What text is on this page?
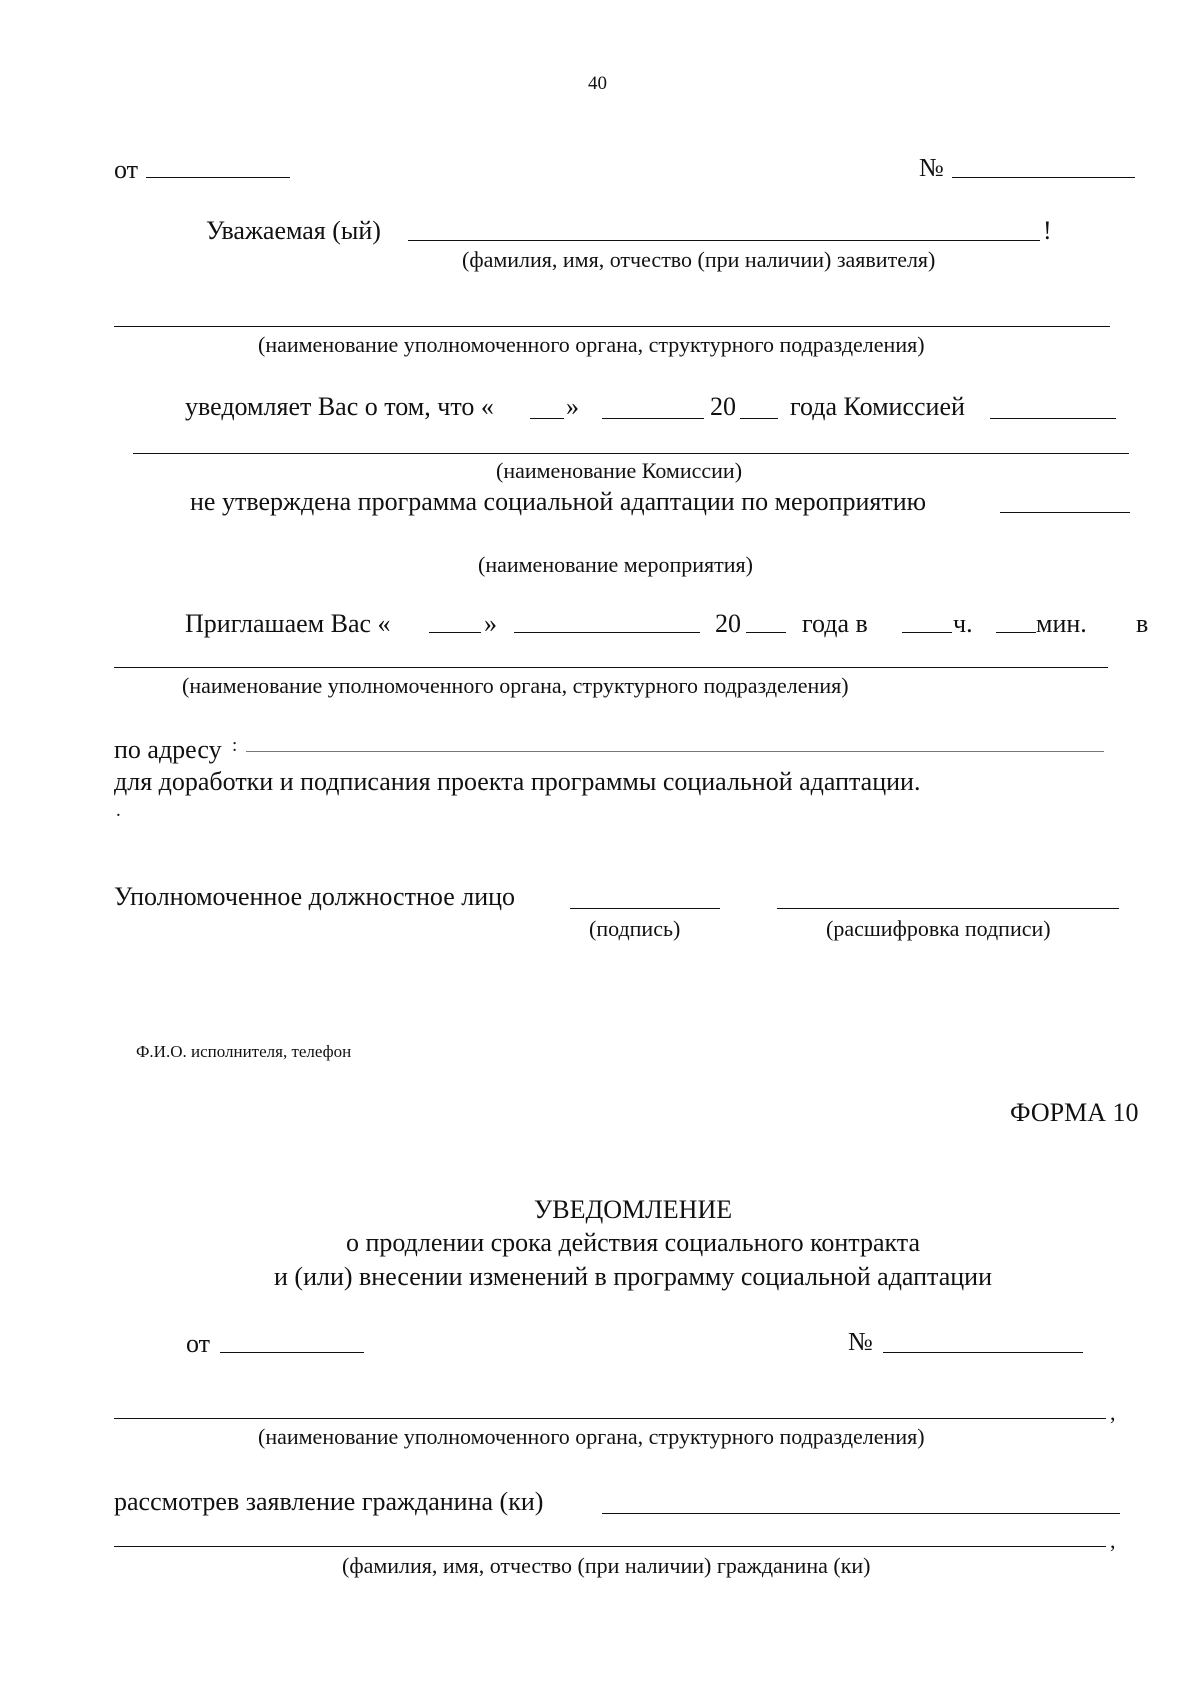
40
от	№
Уважаемая (ый)	!
(фамилия, имя, отчество (при наличии) заявителя)
(наименование уполномоченного органа, структурного подразделения)
уведомляет Вас о том, что «	»	20 года Комиссией
(наименование Комиссии)
не утверждена программа социальной адаптации по мероприятию
(наименование мероприятия)
Приглашаем Вас «	»	20 года в	ч. мин. в
(наименование уполномоченного органа, структурного подразделения)
по адресу :
для доработки и подписания проекта программы социальной адаптации.
.
Уполномоченное должностное лицо
(подпись)	(расшифровка подписи)
Ф.И.О. исполнителя, телефон
ФОРМА 10
УВЕДОМЛЕНИЕ
о продлении срока действия социального контракта
и (или) внесении изменений в программу социальной адаптации
от	№
,
(наименование уполномоченного органа, структурного подразделения)
рассмотрев заявление гражданина (ки)
,
(фамилия, имя, отчество (при наличии) гражданина (ки)
